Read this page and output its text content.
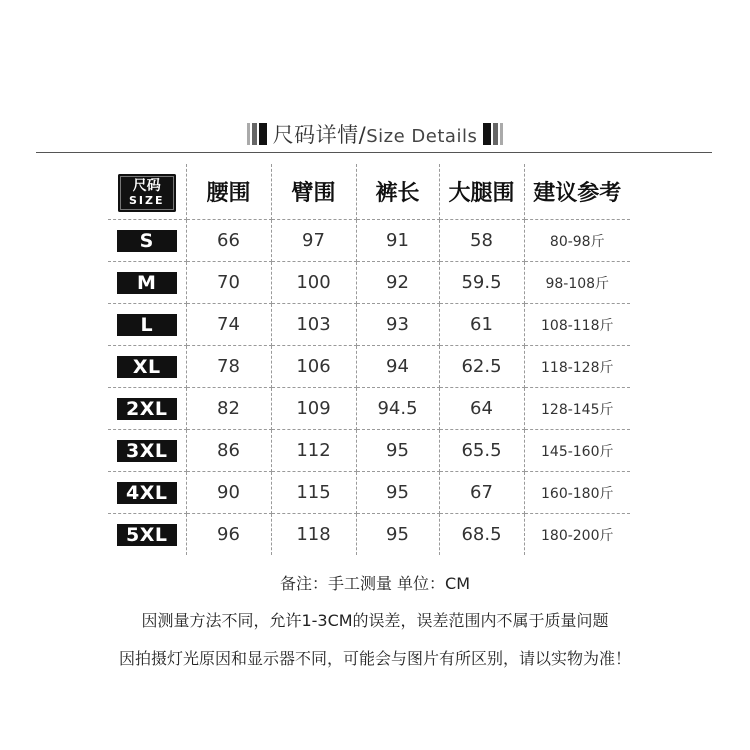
尺码详情/Size Details
尺码
SIZE	腰围	臂围	裤长	大腿围	建议参考
S	66	97	91	58	80-98斤
M	70	100	92	59.5	98-108斤
L	74	103	93	61	108-118斤
XL	78	106	94	62.5	118-128斤
2XL	82	109	94.5	64	128-145斤
3XL	86	112	95	65.5	145-160斤
4XL	90	115	95	67	160-180斤
5XL	96	118	95	68.5	180-200斤
备注：手工测量 单位：CM
因测量方法不同，允许1-3CM的误差，误差范围内不属于质量问题
因拍摄灯光原因和显示器不同，可能会与图片有所区别，请以实物为准！
